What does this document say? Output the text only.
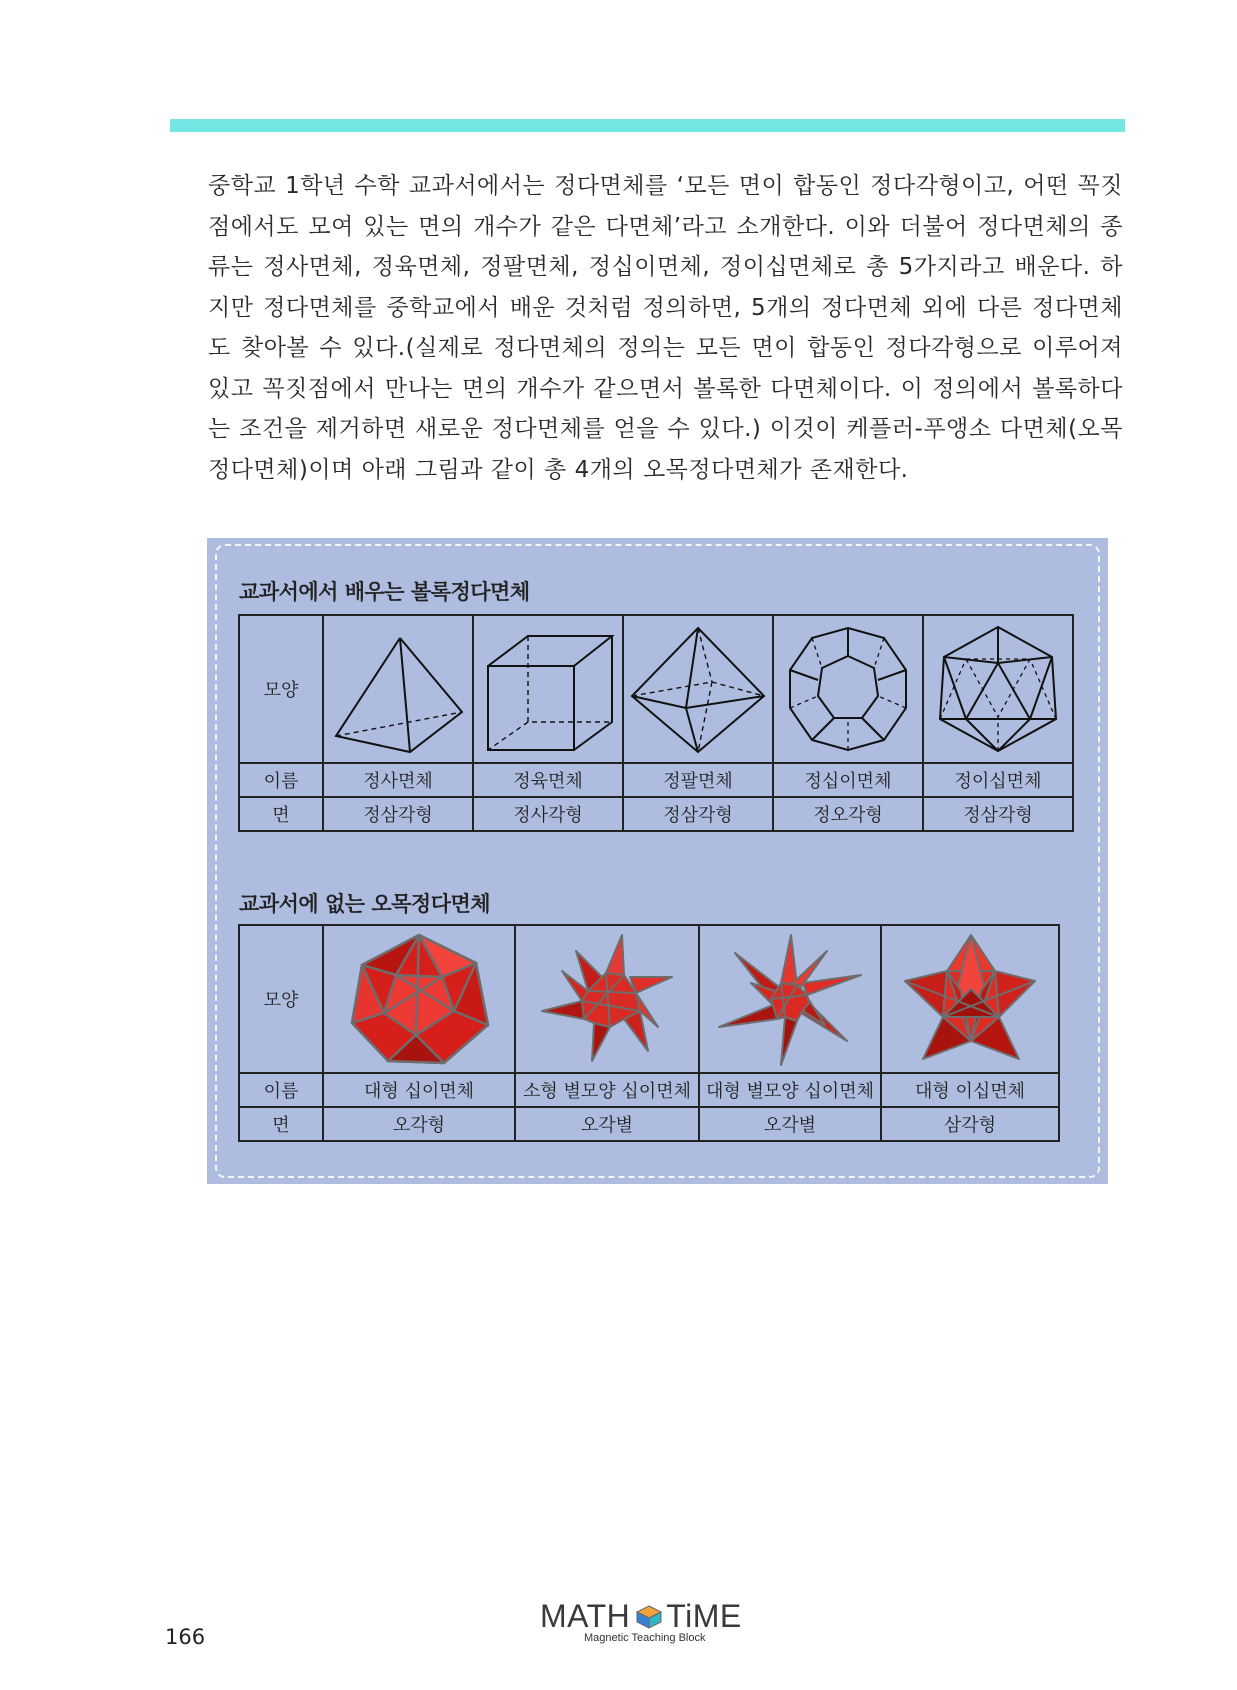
중학교 1학년 수학 교과서에서는 정다면체를 ‘모든 면이 합동인 정다각형이고, 어떤 꼭짓점에서도 모여 있는 면의 개수가 같은 다면체’라고 소개한다. 이와 더불어 정다면체의 종류는 정사면체, 정육면체, 정팔면체, 정십이면체, 정이십면체로 총 5가지라고 배운다. 하지만 정다면체를 중학교에서 배운 것처럼 정의하면, 5개의 정다면체 외에 다른 정다면체도 찾아볼 수 있다.(실제로 정다면체의 정의는 모든 면이 합동인 정다각형으로 이루어져 있고 꼭짓점에서 만나는 면의 개수가 같으면서 볼록한 다면체이다. 이 정의에서 볼록하다는 조건을 제거하면 새로운 정다면체를 얻을 수 있다.) 이것이 케플러-푸앵소 다면체(오목정다면체)이며 아래 그림과 같이 총 4개의 오목정다면체가 존재한다.

교과서에서 배우는 볼록정다면체
모양	

이름	정사면체	정육면체	정팔면체	정십이면체	정이십면체
면	정삼각형	정사각형	정삼각형	정오각형	정삼각형
교과서에 없는 오목정다면체
모양	

이름	대형 십이면체	소형 별모양 십이면체	대형 별모양 십이면체	대형 이십면체
면	오각형	오각별	오각별	삼각형
166
MATH TiME
Magnetic Teaching Block
